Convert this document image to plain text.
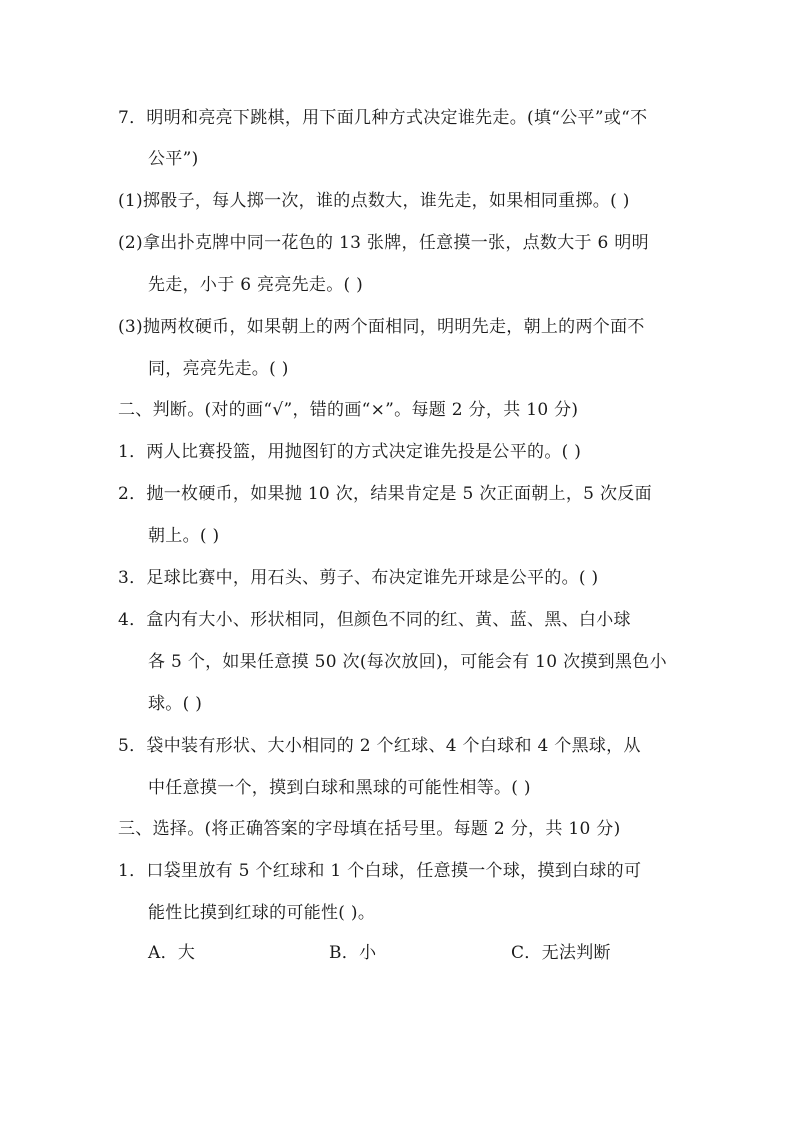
7．明明和亮亮下跳棋，用下面几种方式决定谁先走。(填“公平”或“不
公平”)
(1)掷骰子，每人掷一次，谁的点数大，谁先走，如果相同重掷。( )
(2)拿出扑克牌中同一花色的 13 张牌，任意摸一张，点数大于 6 明明
先走，小于 6 亮亮先走。( )
(3)抛两枚硬币，如果朝上的两个面相同，明明先走，朝上的两个面不
同，亮亮先走。( )
二、判断。(对的画“√”，错的画“×”。每题 2 分，共 10 分)
1．两人比赛投篮，用抛图钉的方式决定谁先投是公平的。( )
2．抛一枚硬币，如果抛 10 次，结果肯定是 5 次正面朝上，5 次反面
朝上。( )
3．足球比赛中，用石头、剪子、布决定谁先开球是公平的。( )
4．盒内有大小、形状相同，但颜色不同的红、黄、蓝、黑、白小球
各 5 个，如果任意摸 50 次(每次放回)，可能会有 10 次摸到黑色小
球。( )
5．袋中装有形状、大小相同的 2 个红球、4 个白球和 4 个黑球，从
中任意摸一个，摸到白球和黑球的可能性相等。( )
三、选择。(将正确答案的字母填在括号里。每题 2 分，共 10 分)
1．口袋里放有 5 个红球和 1 个白球，任意摸一个球，摸到白球的可
能性比摸到红球的可能性( )。
A．大	B．小	C．无法判断
